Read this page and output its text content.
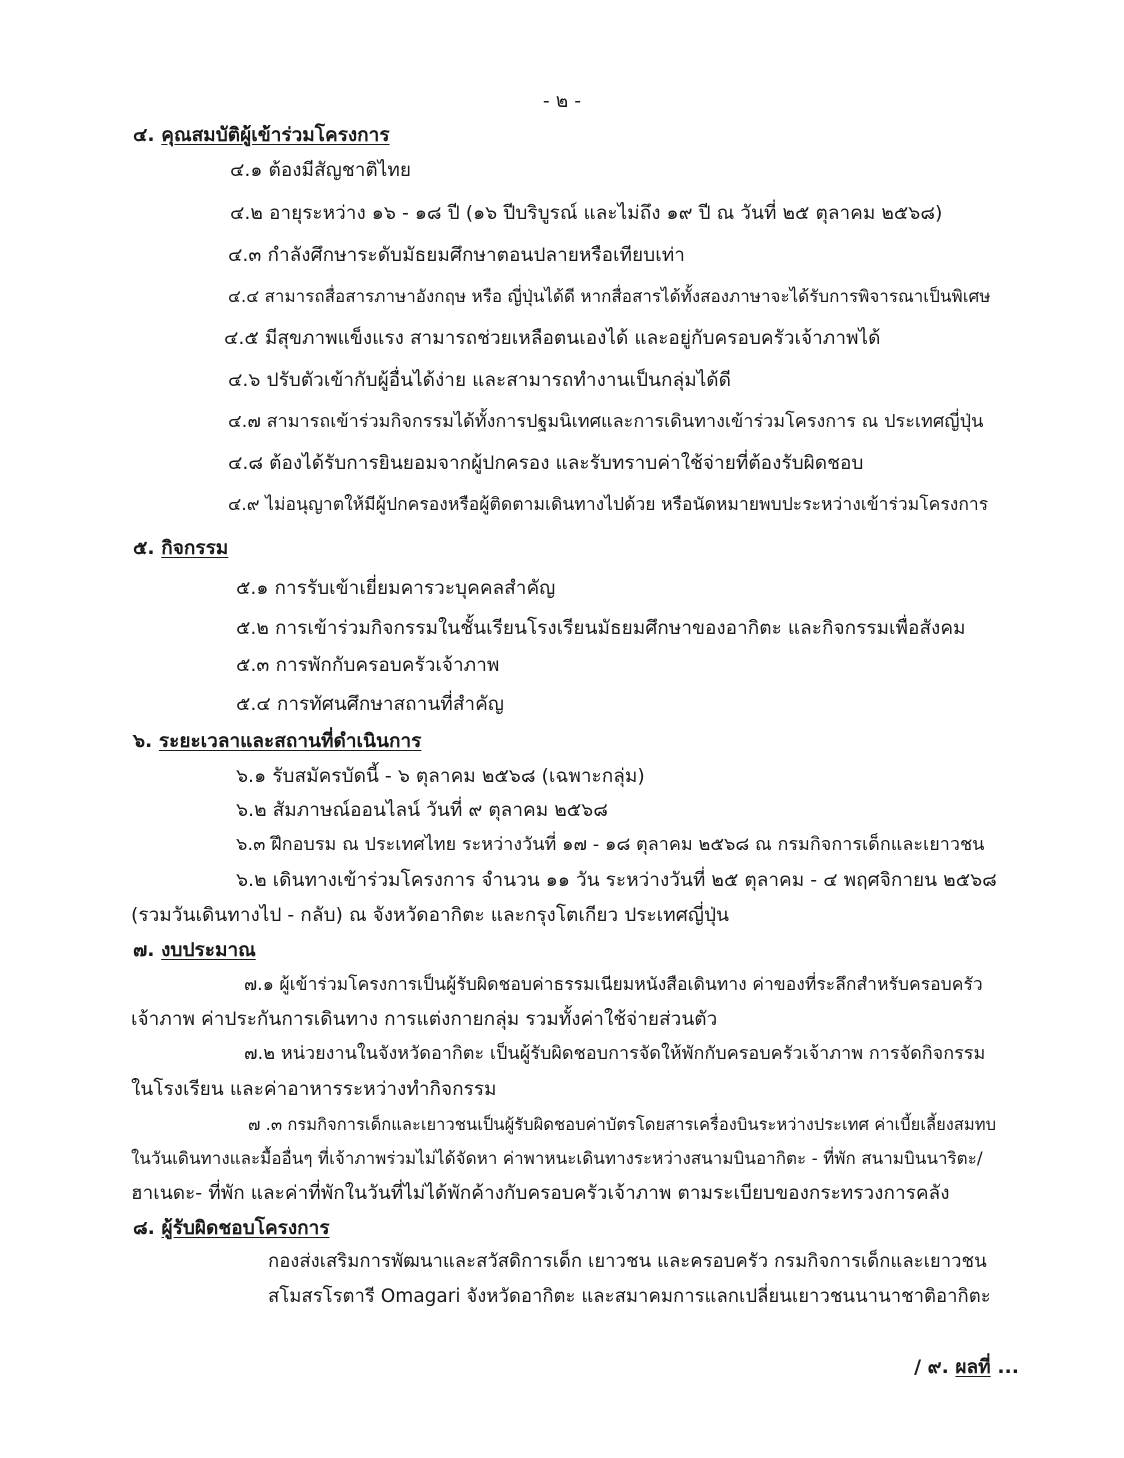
- ๒ -
๔. คุณสมบัติผู้เข้าร่วมโครงการ
๔.๑ ต้องมีสัญชาติไทย
๔.๒ อายุระหว่าง ๑๖ - ๑๘ ปี (๑๖ ปีบริบูรณ์ และไม่ถึง ๑๙ ปี ณ วันที่ ๒๕ ตุลาคม ๒๕๖๘)
๔.๓ กำลังศึกษาระดับมัธยมศึกษาตอนปลายหรือเทียบเท่า
๔.๔ สามารถสื่อสารภาษาอังกฤษ หรือ ญี่ปุ่นได้ดี หากสื่อสารได้ทั้งสองภาษาจะได้รับการพิจารณาเป็นพิเศษ
๔.๕ มีสุขภาพแข็งแรง สามารถช่วยเหลือตนเองได้ และอยู่กับครอบครัวเจ้าภาพได้
๔.๖ ปรับตัวเข้ากับผู้อื่นได้ง่าย และสามารถทำงานเป็นกลุ่มได้ดี
๔.๗ สามารถเข้าร่วมกิจกรรมได้ทั้งการปฐมนิเทศและการเดินทางเข้าร่วมโครงการ ณ ประเทศญี่ปุ่น
๔.๘ ต้องได้รับการยินยอมจากผู้ปกครอง และรับทราบค่าใช้จ่ายที่ต้องรับผิดชอบ
๔.๙ ไม่อนุญาตให้มีผู้ปกครองหรือผู้ติดตามเดินทางไปด้วย หรือนัดหมายพบปะระหว่างเข้าร่วมโครงการ
๕. กิจกรรม
๕.๑ การรับเข้าเยี่ยมคารวะบุคคลสำคัญ
๕.๒ การเข้าร่วมกิจกรรมในชั้นเรียนโรงเรียนมัธยมศึกษาของอากิตะ และกิจกรรมเพื่อสังคม
๕.๓ การพักกับครอบครัวเจ้าภาพ
๕.๔ การทัศนศึกษาสถานที่สำคัญ
๖. ระยะเวลาและสถานที่ดำเนินการ
๖.๑ รับสมัครบัดนี้ - ๖ ตุลาคม ๒๕๖๘ (เฉพาะกลุ่ม)
๖.๒ สัมภาษณ์ออนไลน์ วันที่ ๙ ตุลาคม ๒๕๖๘
๖.๓ ฝึกอบรม ณ ประเทศไทย ระหว่างวันที่ ๑๗ - ๑๘ ตุลาคม ๒๕๖๘ ณ กรมกิจการเด็กและเยาวชน
๖.๒ เดินทางเข้าร่วมโครงการ จำนวน ๑๑ วัน ระหว่างวันที่ ๒๕ ตุลาคม - ๔ พฤศจิกายน ๒๕๖๘
(รวมวันเดินทางไป - กลับ) ณ จังหวัดอากิตะ และกรุงโตเกียว ประเทศญี่ปุ่น
๗. งบประมาณ
๗.๑ ผู้เข้าร่วมโครงการเป็นผู้รับผิดชอบค่าธรรมเนียมหนังสือเดินทาง ค่าของที่ระลึกสำหรับครอบครัว
เจ้าภาพ ค่าประกันการเดินทาง การแต่งกายกลุ่ม รวมทั้งค่าใช้จ่ายส่วนตัว
๗.๒ หน่วยงานในจังหวัดอากิตะ เป็นผู้รับผิดชอบการจัดให้พักกับครอบครัวเจ้าภาพ การจัดกิจกรรม
ในโรงเรียน และค่าอาหารระหว่างทำกิจกรรม
๗ .๓ กรมกิจการเด็กและเยาวชนเป็นผู้รับผิดชอบค่าบัตรโดยสารเครื่องบินระหว่างประเทศ ค่าเบี้ยเลี้ยงสมทบ
ในวันเดินทางและมื้ออื่นๆ ที่เจ้าภาพร่วมไม่ได้จัดหา ค่าพาหนะเดินทางระหว่างสนามบินอากิตะ - ที่พัก สนามบินนาริตะ/
ฮาเนดะ- ที่พัก และค่าที่พักในวันที่ไม่ได้พักค้างกับครอบครัวเจ้าภาพ ตามระเบียบของกระทรวงการคลัง
๘. ผู้รับผิดชอบโครงการ
กองส่งเสริมการพัฒนาและสวัสดิการเด็ก เยาวชน และครอบครัว กรมกิจการเด็กและเยาวชน
สโมสรโรตารี Omagari จังหวัดอากิตะ และสมาคมการแลกเปลี่ยนเยาวชนนานาชาติอากิตะ
/ ๙. ผลที่ ...
